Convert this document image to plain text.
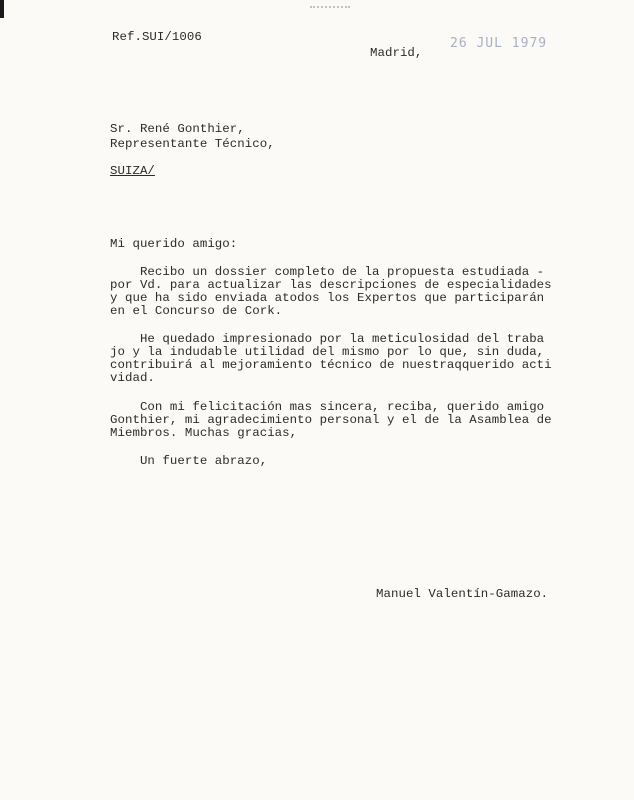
Ref.SUI/1006

Madrid,

26 JUL 1979

Sr. René Gonthier,

Representante Técnico,

SUIZA/

Mi querido amigo:

Recibo un dossier completo de la propuesta estudiada -

por Vd. para actualizar las descripciones de especialidades

y que ha sido enviada atodos los Expertos que participarán

en el Concurso de Cork.

He quedado impresionado por la meticulosidad del traba

jo y la indudable utilidad del mismo por lo que, sin duda,

contribuirá al mejoramiento técnico de nuestraqquerido acti

vidad.

Con mi felicitación mas sincera, reciba, querido amigo

Gonthier, mi agradecimiento personal y el de la Asamblea de

Miembros. Muchas gracias,

Un fuerte abrazo,

Manuel Valentín-Gamazo.
